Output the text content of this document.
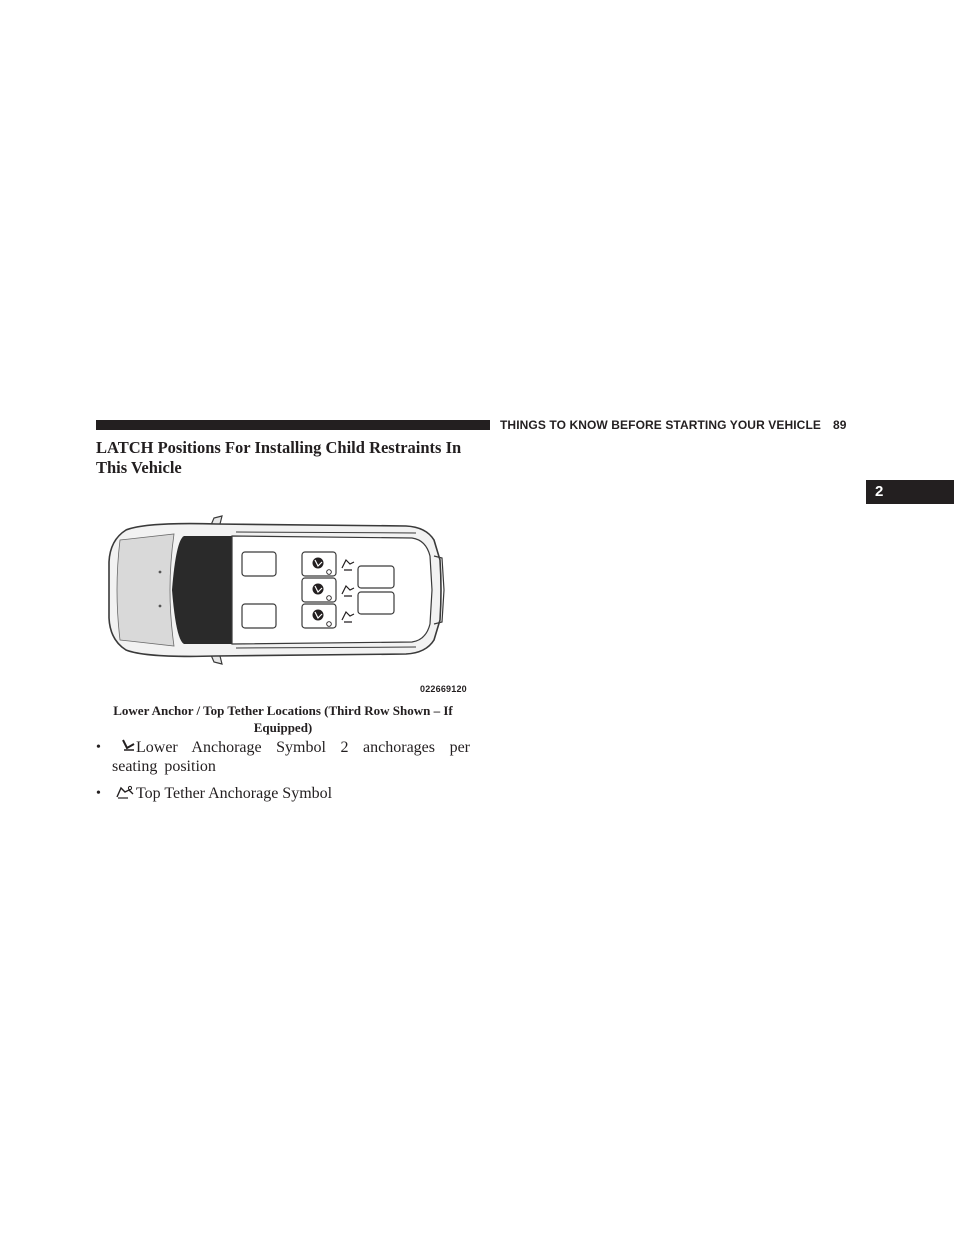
THINGS TO KNOW BEFORE STARTING YOUR VEHICLE 89
2
LATCH Positions For Installing Child Restraints In This Vehicle
022669120
Lower Anchor / Top Tether Locations (Third Row Shown – If Equipped)
• Lower Anchorage Symbol 2 anchorages per seating position
• Top Tether Anchorage Symbol
